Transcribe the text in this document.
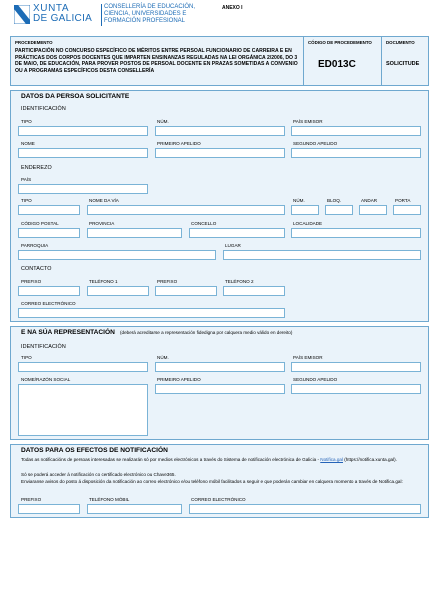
XUNTA
DE GALICIA
CONSELLERÍA DE EDUCACIÓN,
CIENCIA, UNIVERSIDADES E
FORMACIÓN PROFESIONAL
ANEXO I
PROCEDEMENTO
PARTICIPACIÓN NO CONCURSO ESPECÍFICO DE MÉRITOS ENTRE PERSOAL FUNCIONARIO DE CARREIRA E EN PRÁCTICAS DOS CORPOS DOCENTES QUE IMPARTEN ENSINANZAS REGULADAS NA LEI ORGÁNICA 2/2006, DO 3 DE MAIO, DE EDUCACIÓN, PARA PROVER POSTOS DE PERSOAL DOCENTE EN PRAZAS SOMETIDAS A CONVENIO OU A PROGRAMAS ESPECÍFICOS DESTA CONSELLERÍA
CÓDIGO DE PROCEDEMENTO
ED013C
DOCUMENTO
SOLICITUDE
DATOS DA PERSOA SOLICITANTE
IDENTIFICACIÓN
TIPO	NÚM.	PAÍS EMISOR
NOME	PRIMEIRO APELIDO	SEGUNDO APELIDO
ENDEREZO
PAÍS
TIPO	NOME DA VÍA	NÚM.	BLOQ.	ANDAR	PORTA
CÓDIGO POSTAL	PROVINCIA	CONCELLO	LOCALIDADE
PARROQUIA	LUGAR
CONTACTO
PREFIXO	TELÉFONO 1	PREFIXO	TELÉFONO 2
CORREO ELECTRÓNICO
E NA SÚA REPRESENTACIÓN (deberá acreditarse a representación fidedigna por calquera medio válido en dereito)
IDENTIFICACIÓN
TIPO	NÚM.	PAÍS EMISOR
NOME/RAZÓN SOCIAL	PRIMEIRO APELIDO	SEGUNDO APELIDO
DATOS PARA OS EFECTOS DE NOTIFICACIÓN
Todas as notificacións de persoas interesadas se realizarán só por medios electrónicos a través do Sistema de notificación electrónica de Galicia - Notifica.gal (https://notifica.xunta.gal).
Só se poderá acceder á notificación co certificado electrónico ou Chave365.
Enviaranse avisos do posto á disposición da notificación ao correo electrónico e/ou teléfono móbil facilitados a seguir e que poderán cambiar en calquera momento a través de Notifica.gal:
PREFIXO	TELÉFONO MÓBIL	CORREO ELECTRÓNICO
